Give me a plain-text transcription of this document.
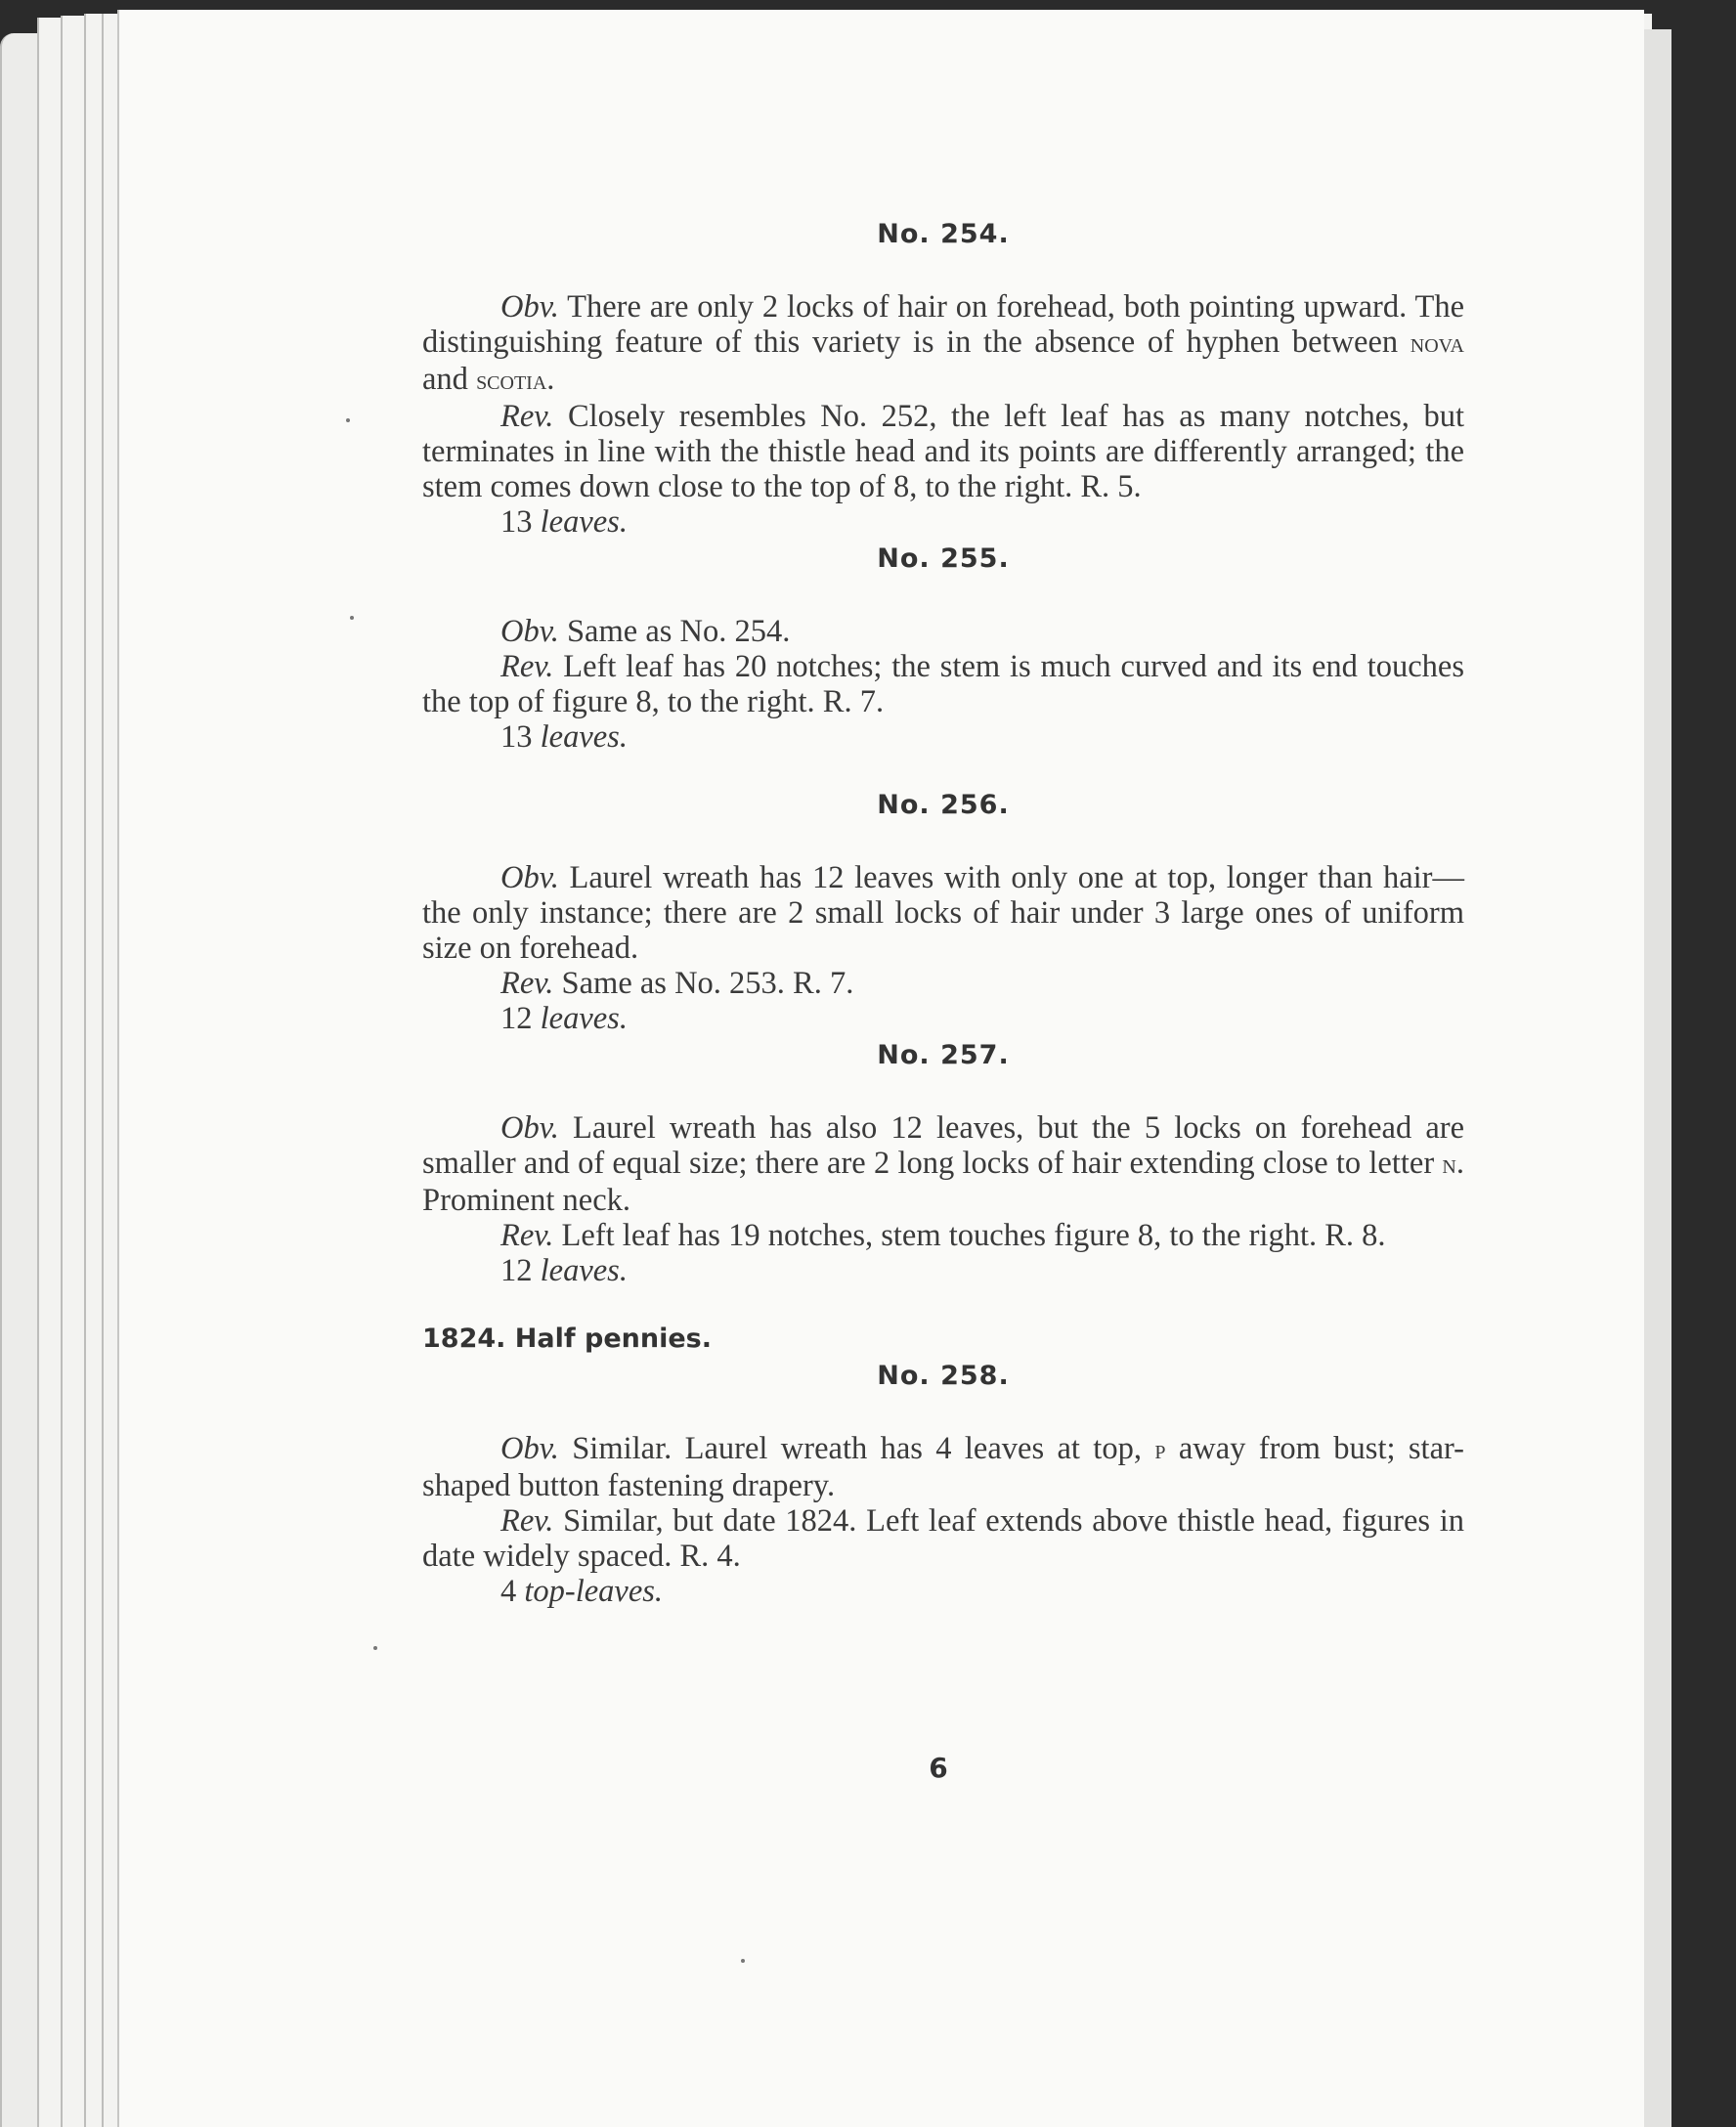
No. 254.

Obv. There are only 2 locks of hair on forehead, both pointing upward. The distinguishing feature of this variety is in the absence of hyphen between nova and scotia.

Rev. Closely resembles No. 252, the left leaf has as many notches, but terminates in line with the thistle head and its points are differently arranged; the stem comes down close to the top of 8, to the right. R. 5.

13 leaves.

No. 255.

Obv. Same as No. 254.

Rev. Left leaf has 20 notches; the stem is much curved and its end touches the top of figure 8, to the right. R. 7.

13 leaves.

No. 256.

Obv. Laurel wreath has 12 leaves with only one at top, longer than hair—the only instance; there are 2 small locks of hair under 3 large ones of uniform size on forehead.

Rev. Same as No. 253. R. 7.

12 leaves.

No. 257.

Obv. Laurel wreath has also 12 leaves, but the 5 locks on forehead are smaller and of equal size; there are 2 long locks of hair extending close to letter n. Prominent neck.

Rev. Left leaf has 19 notches, stem touches figure 8, to the right. R. 8.

12 leaves.

1824. Half pennies.

No. 258.

Obv. Similar. Laurel wreath has 4 leaves at top, p away from bust; star-shaped button fastening drapery.

Rev. Similar, but date 1824. Left leaf extends above thistle head, figures in date widely spaced. R. 4.

4 top-leaves.

6
